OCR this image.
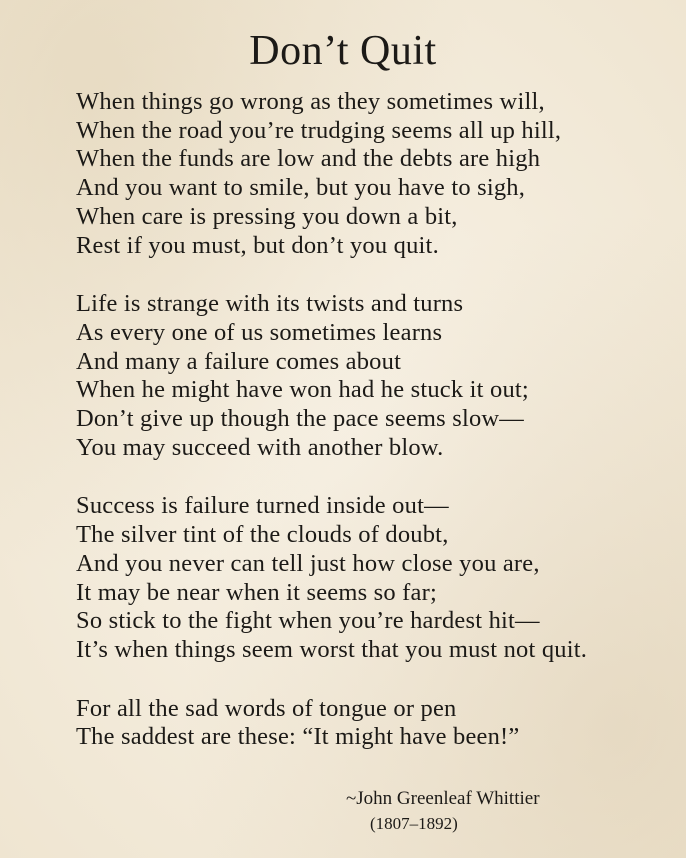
Don’t Quit
When things go wrong as they sometimes will,
When the road you’re trudging seems all up hill,
When the funds are low and the debts are high
And you want to smile, but you have to sigh,
When care is pressing you down a bit,
Rest if you must, but don’t you quit.
Life is strange with its twists and turns
As every one of us sometimes learns
And many a failure comes about
When he might have won had he stuck it out;
Don’t give up though the pace seems slow—
You may succeed with another blow.
Success is failure turned inside out—
The silver tint of the clouds of doubt,
And you never can tell just how close you are,
It may be near when it seems so far;
So stick to the fight when you’re hardest hit—
It’s when things seem worst that you must not quit.
For all the sad words of tongue or pen
The saddest are these: “It might have been!”
~John Greenleaf Whittier
(1807–1892)
